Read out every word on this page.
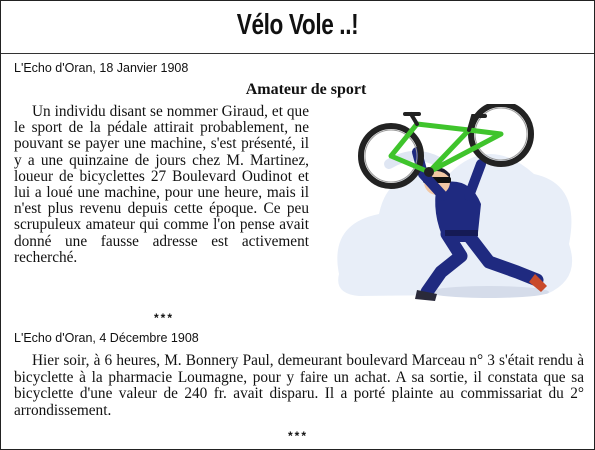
Vélo Vole ..!
L'Echo d'Oran, 18 Janvier 1908
Amateur de sport

Un individu disant se nommer Giraud, et que le sport de la pédale attirait probablement, ne pouvant se payer une machine, s'est présenté, il y a une quinzaine de jours chez M. Martinez, loueur de bicyclettes 27 Boulevard Oudinot et lui a loué une machine, pour une heure, mais il n'est plus revenu depuis cette époque. Ce peu scrupuleux amateur qui comme l'on pense avait donné une fausse adresse est activement recherché.

***
L'Echo d'Oran, 4 Décembre 1908

Hier soir, à 6 heures, M. Bonnery Paul, demeurant boulevard Marceau n° 3 s'était rendu à bicyclette à la pharmacie Loumagne, pour y faire un achat. A sa sortie, il constata que sa bicyclette d'une valeur de 240 fr. avait disparu. Il a porté plainte au commissariat du 2° arrondissement.

***
